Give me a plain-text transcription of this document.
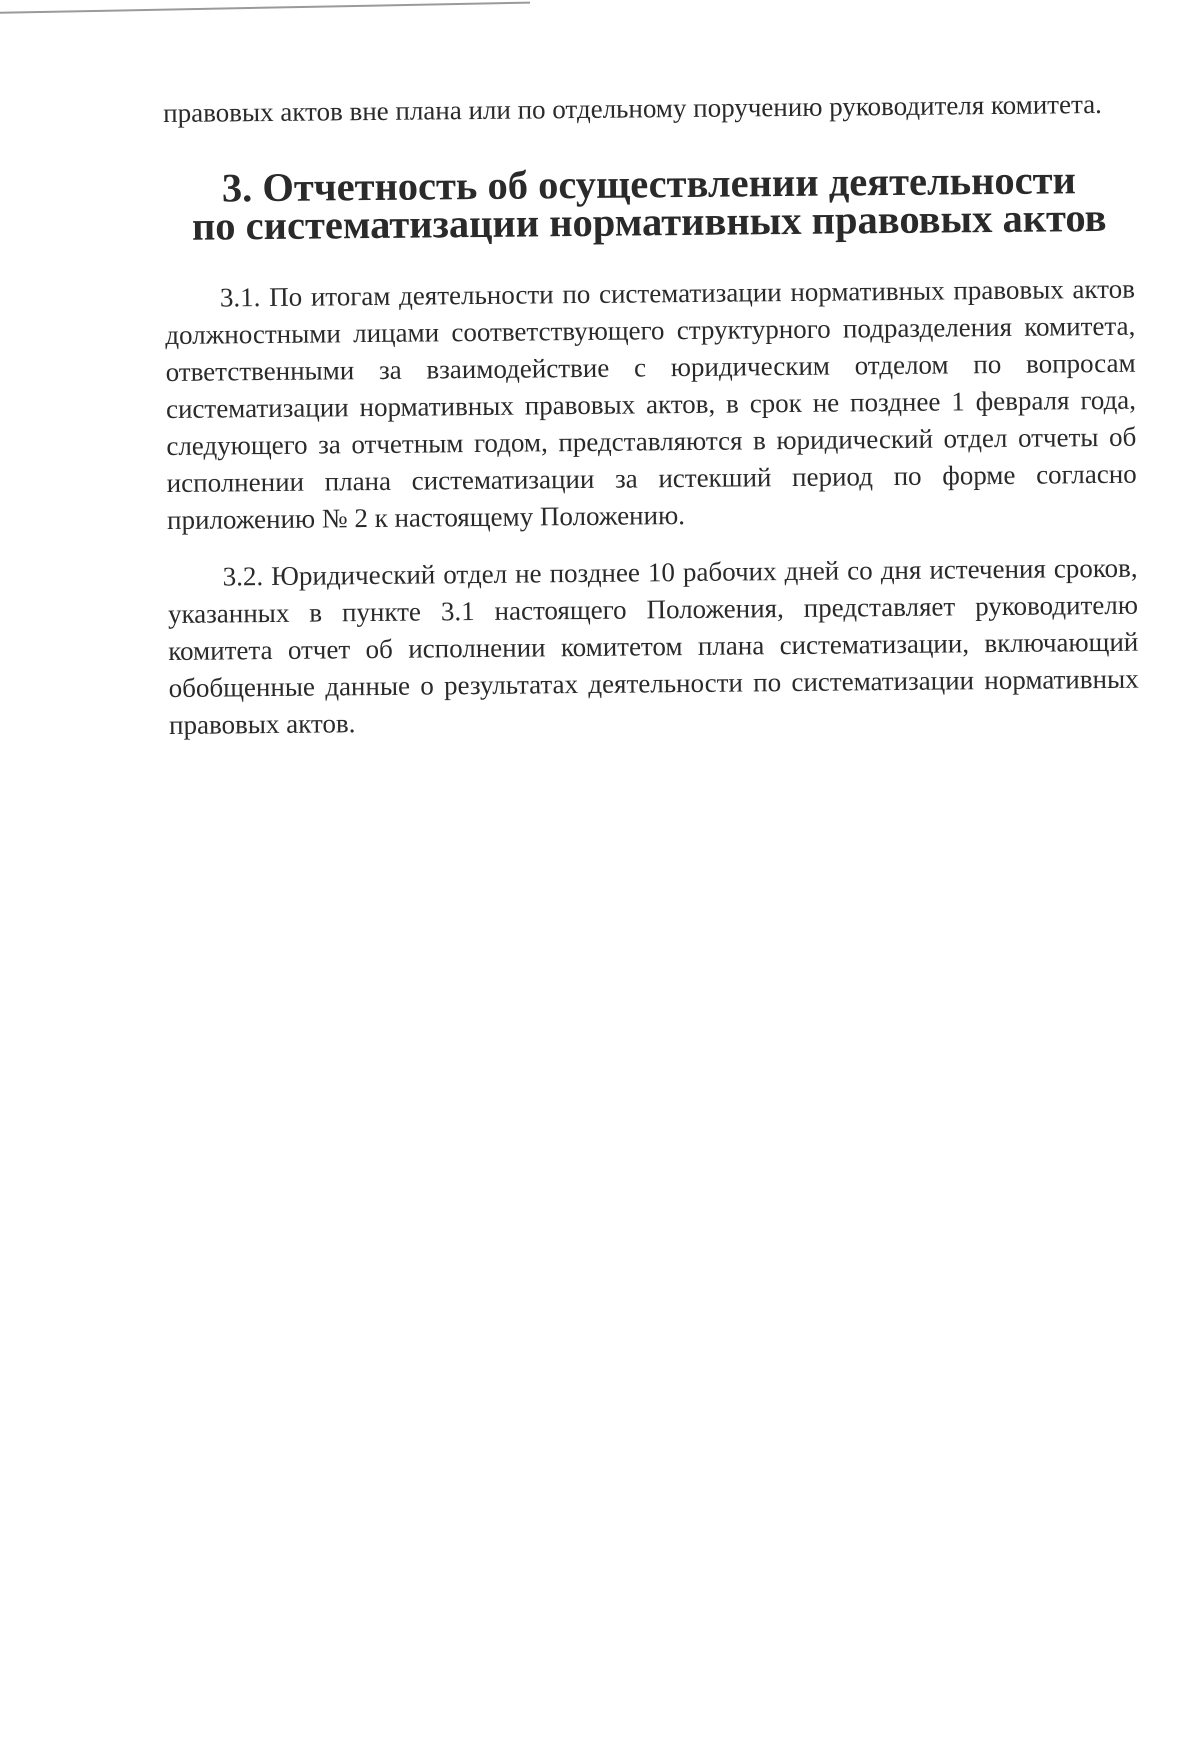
правовых актов вне плана или по отдельному поручению руководителя комитета.

3. Отчетность об осуществлении деятельности
по систематизации нормативных правовых актов

3.1. По итогам деятельности по систематизации нормативных правовых актов должностными лицами соответствующего структурного подразделения комитета, ответственными за взаимодействие с юридическим отделом по вопросам систематизации нормативных правовых актов, в срок не позднее 1 февраля года, следующего за отчетным годом, представляются в юридический отдел отчеты об исполнении плана систематизации за истекший период по форме согласно приложению № 2 к настоящему Положению.

3.2. Юридический отдел не позднее 10 рабочих дней со дня истечения сроков, указанных в пункте 3.1 настоящего Положения, представляет руководителю комитета отчет об исполнении комитетом плана систематизации, включающий обобщенные данные о результатах деятельности по систематизации нормативных правовых актов.
